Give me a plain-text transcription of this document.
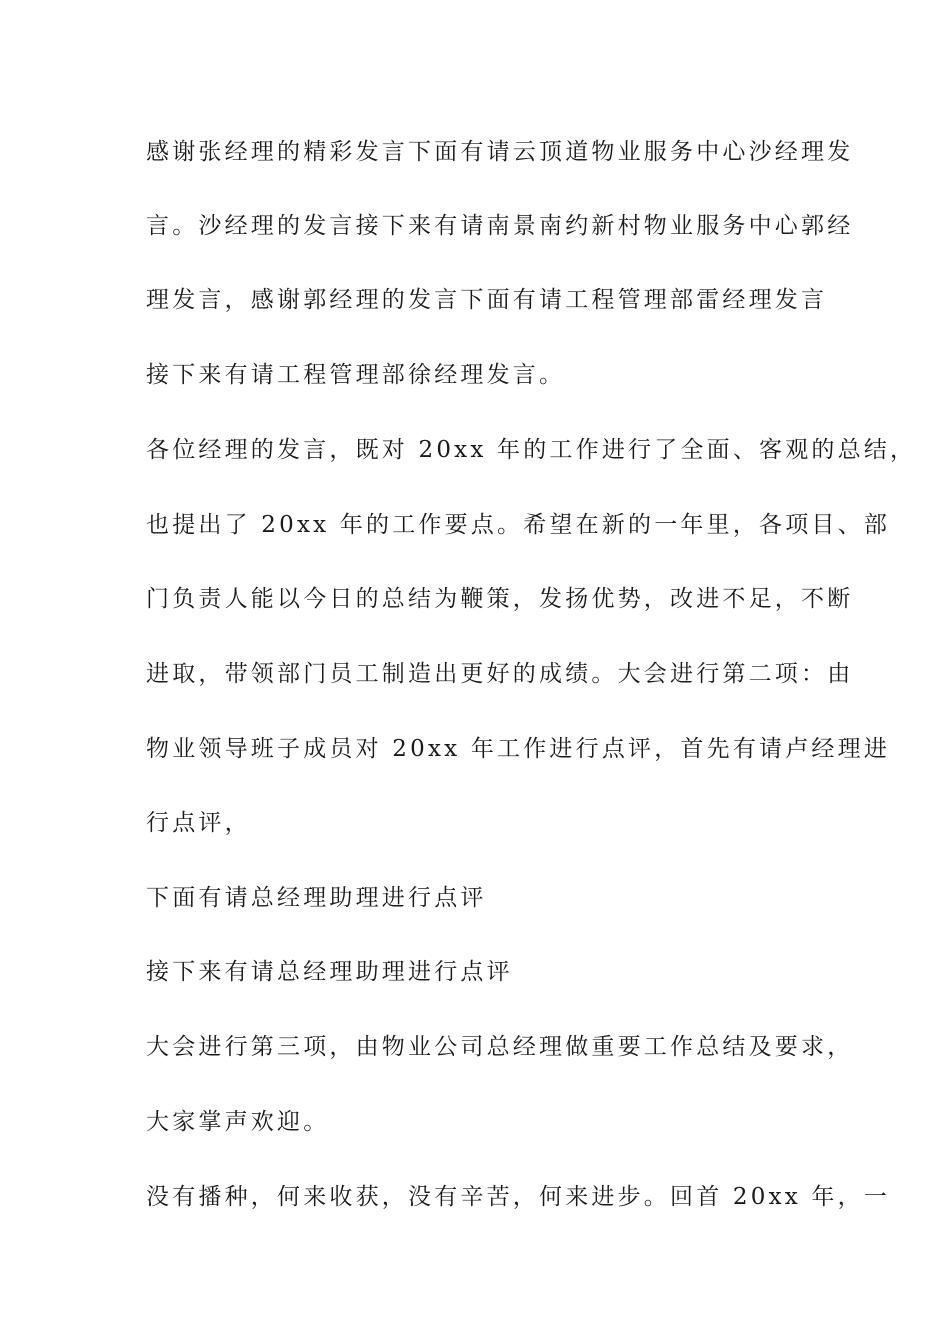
感谢张经理的精彩发言下面有请云顶道物业服务中心沙经理发
言。沙经理的发言接下来有请南景南约新村物业服务中心郭经
理发言，感谢郭经理的发言下面有请工程管理部雷经理发言
接下来有请工程管理部徐经理发言。
各位经理的发言，既对 20xx 年的工作进行了全面、客观的总结，
也提出了 20xx 年的工作要点。希望在新的一年里，各项目、部
门负责人能以今日的总结为鞭策，发扬优势，改进不足，不断
进取，带领部门员工制造出更好的成绩。大会进行第二项：由
物业领导班子成员对 20xx 年工作进行点评，首先有请卢经理进
行点评，
下面有请总经理助理进行点评
接下来有请总经理助理进行点评
大会进行第三项，由物业公司总经理做重要工作总结及要求，
大家掌声欢迎。
没有播种，何来收获，没有辛苦，何来进步。回首 20xx 年，一
